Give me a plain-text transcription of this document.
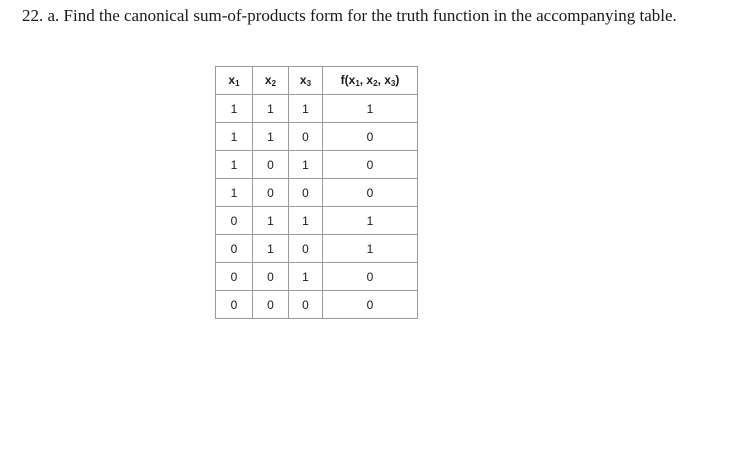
22. a. Find the canonical sum-of-products form for the truth function in the accompanying table.
$x_1$	$x_2$	$x_3$	$f(x_1$, $x_2$, $x_3$)
1	1	1	1
1	1	0	0
1	0	1	0
1	0	0	0
0	1	1	1
0	1	0	1
0	0	1	0
0	0	0	0
